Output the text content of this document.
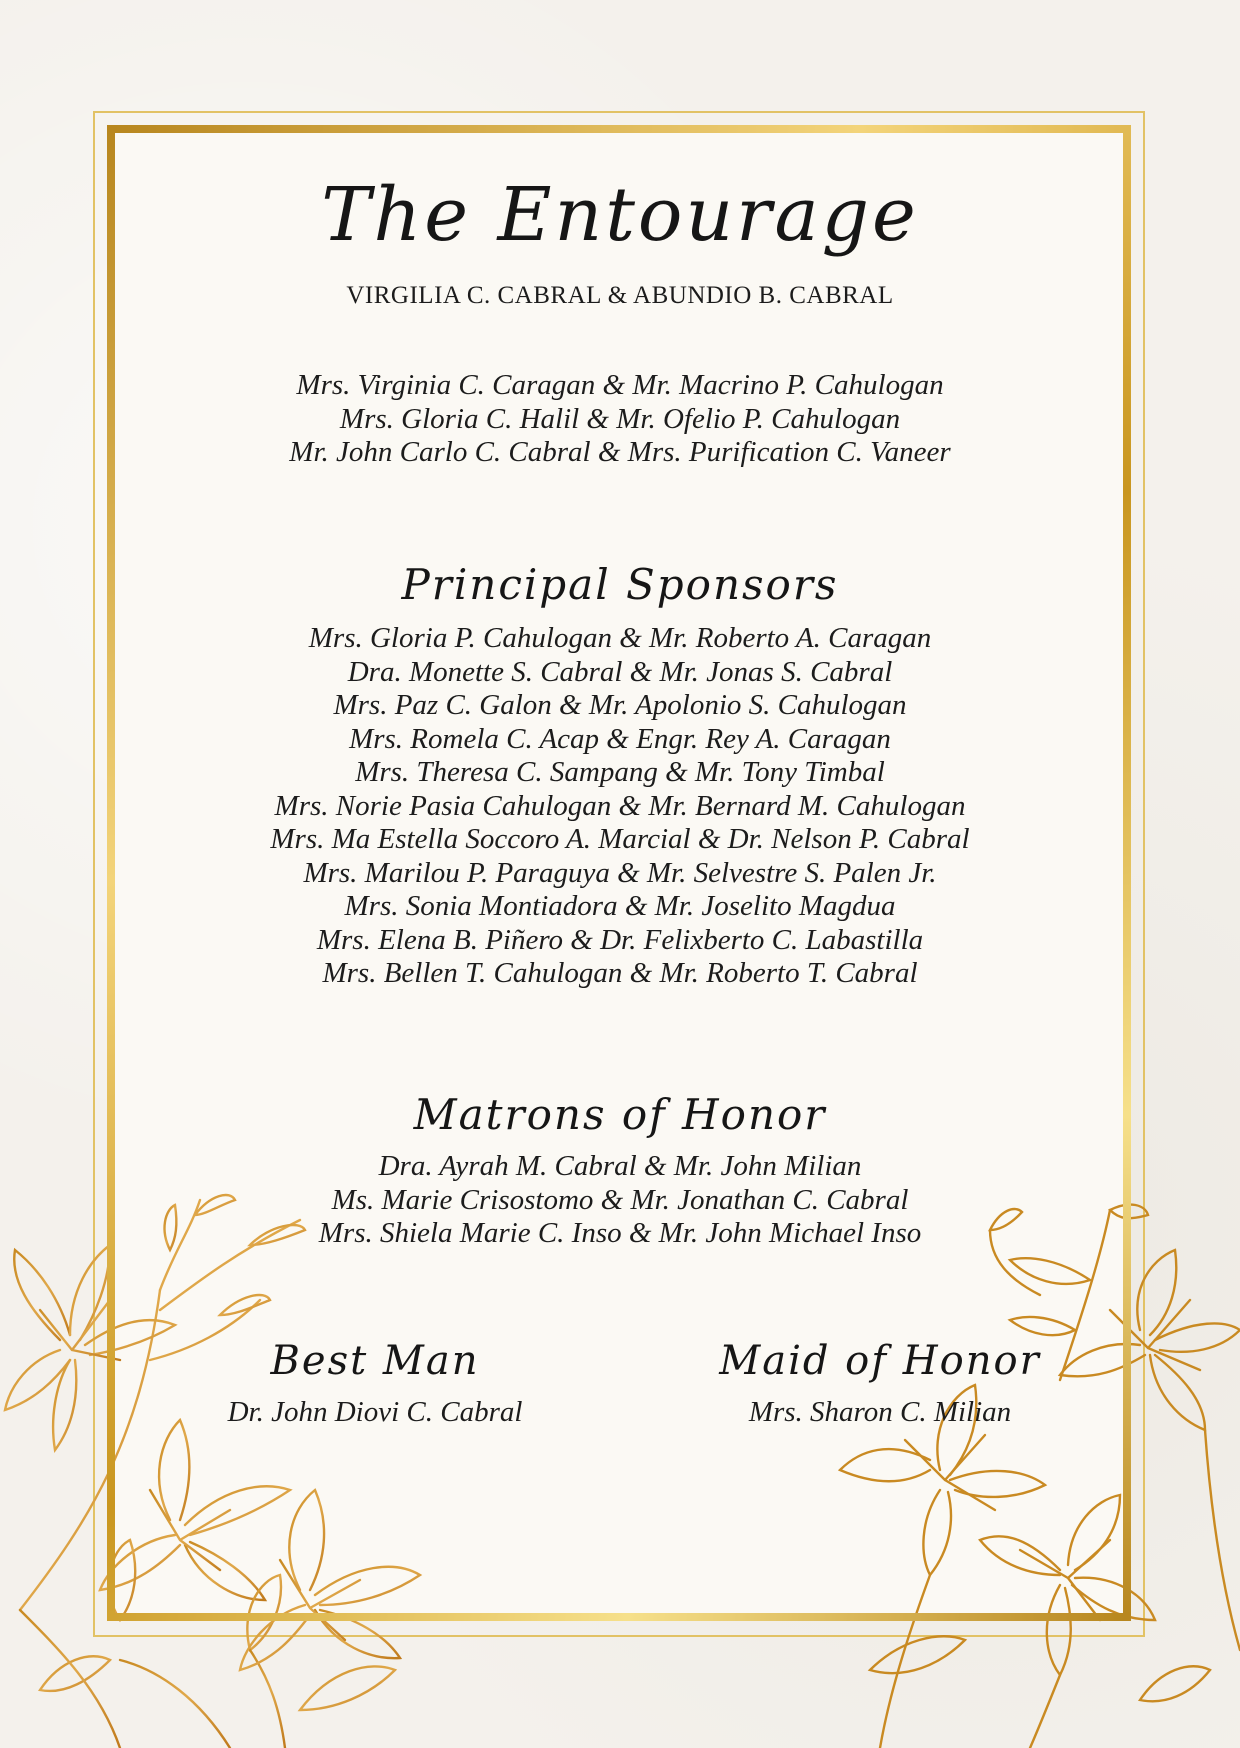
The Entourage
VIRGILIA C. CABRAL & ABUNDIO B. CABRAL
Mrs. Virginia C. Caragan & Mr. Macrino P. Cahulogan
Mrs. Gloria C. Halil & Mr. Ofelio P. Cahulogan
Mr. John Carlo C. Cabral & Mrs. Purification C. Vaneer
Principal Sponsors
Mrs. Gloria P. Cahulogan & Mr. Roberto A. Caragan
Dra. Monette S. Cabral & Mr. Jonas S. Cabral
Mrs. Paz C. Galon & Mr. Apolonio S. Cahulogan
Mrs. Romela C. Acap & Engr. Rey A. Caragan
Mrs. Theresa C. Sampang & Mr. Tony Timbal
Mrs. Norie Pasia Cahulogan & Mr. Bernard M. Cahulogan
Mrs. Ma Estella Soccoro A. Marcial & Dr. Nelson P. Cabral
Mrs. Marilou P. Paraguya & Mr. Selvestre S. Palen Jr.
Mrs. Sonia Montiadora & Mr. Joselito Magdua
Mrs. Elena B. Piñero & Dr. Felixberto C. Labastilla
Mrs. Bellen T. Cahulogan & Mr. Roberto T. Cabral
Matrons of Honor
Dra. Ayrah M. Cabral & Mr. John Milian
Ms. Marie Crisostomo & Mr. Jonathan C. Cabral
Mrs. Shiela Marie C. Inso & Mr. John Michael Inso
Best Man
Dr. John Diovi C. Cabral
Maid of Honor
Mrs. Sharon C. Milian
